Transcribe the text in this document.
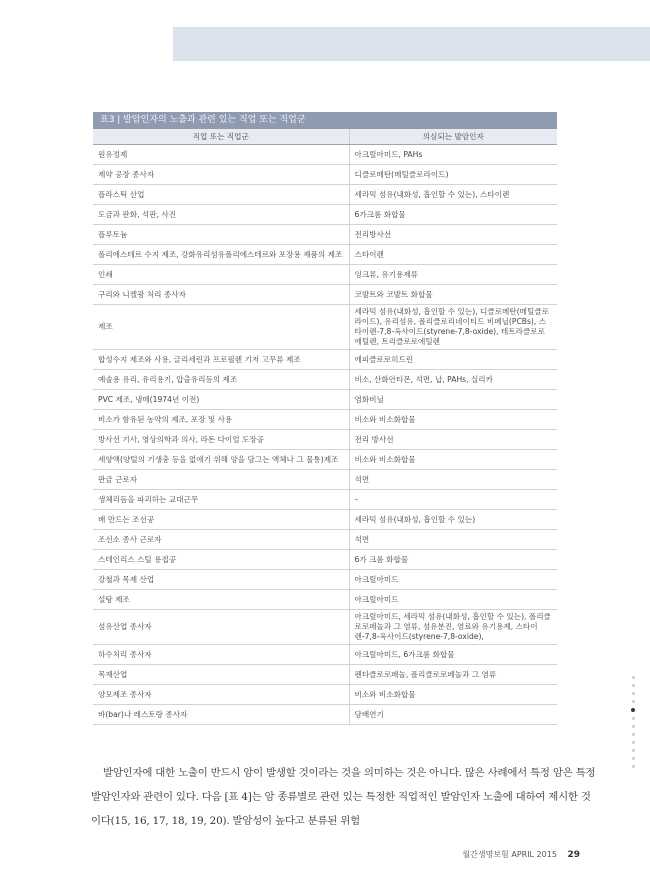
표3 | 발암인자의 노출과 관련 있는 직업 또는 직업군
직업 또는 직업군	의심되는 발암인자
원유정제	아크릴아미드, PAHs
제약 공장 종사자	디클로메탄(메틸클로라이드)
플라스틱 산업	세라믹 섬유(내화성, 흡인할 수 있는), 스타이렌
도금과 판화, 석판, 사진	6가크롬 화합물
플루토늄	전리방사선
폴리에스테르 수지 제조, 강화유리섬유폴리에스테르와 포장용 제품의 제조	스타이렌
인쇄	잉크류, 유기용제류
구리와 니켈광 처리 종사자	코발트와 코발트 화합물
제조	세라믹 섬유(내화성, 흡인할 수 있는), 디클로메탄(메틸클로라이드), 유리섬유, 폴리클로리네이티드 비페닐(PCBs), 스타이렌-7,8-옥사이드(styrene-7,8-oxide), 테트라클로로에틸렌, 트리클로로에틸렌
합성수지 제조와 사용, 글리세린과 프로필렌 기저 고무류 제조	에피클로로히드린
예술용 유리, 유리용기, 압출유리등의 제조	비소, 산화안티몬, 석면, 납, PAHs, 실리카
PVC 제조, 냉매(1974년 이전)	염화비닐
비소가 함유된 농약의 제조, 포장 및 사용	비소와 비소화합물
방사선 기사, 영상의학과 의사, 라돈 다이얼 도장공	전리 방사선
세양액(양털의 기생충 등을 없애기 위해 양을 담그는 액체나 그 물통)제조	비소와 비소화합물
판금 근로자	석면
생체리듬을 파괴하는 교대근무	–
배 만드는 조선공	세라믹 섬유(내화성, 흡인할 수 있는)
조선소 종사 근로자	석면
스테인리스 스틸 용접공	6가 크롬 화합물
강철과 목제 산업	아크릴아미드
설탕 제조	아크릴아미드
섬유산업 종사자	아크릴아미드, 세라믹 섬유(내화성, 흡인할 수 있는), 폴리클로로페놀과 그 염류, 섬유분진, 염료와 유기용제, 스타이렌-7,8-옥사이드(styrene-7,8-oxide),
하수처리 종사자	아크릴아미드, 6가크롬 화합물
목재산업	펜타클로로페놀, 폴리클로로페놀과 그 염류
양모제조 종사자	비소와 비소화합물
바(bar)나 레스토랑 종사자	담배연기

발암인자에 대한 노출이 반드시 암이 발생할 것이라는 것을 의미하는 것은 아니다. 많은 사례에서 특정 암은 특정 발암인자와 관련이 있다. 다음 [표 4]는 암 종류별로 관련 있는 특정한 직업적인 발암인자 노출에 대하여 제시한 것이다(15, 16, 17, 18, 19, 20). 발암성이 높다고 분류된 위험

월간생명보험 APRIL 2015 29
